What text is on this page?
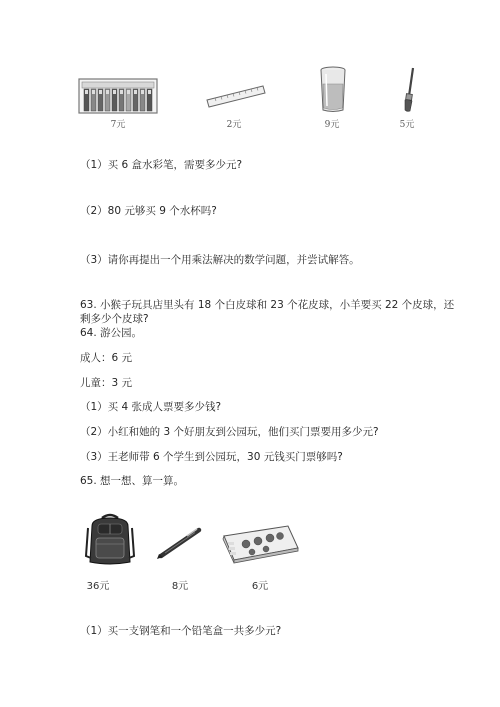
7元	2元	9元	5元
（1）买 6 盒水彩笔，需要多少元?
（2）80 元够买 9 个水杯吗?
（3）请你再提出一个用乘法解决的数学问题，并尝试解答。
63. 小猴子玩具店里头有 18 个白皮球和 23 个花皮球，小羊要买 22 个皮球，还
剩多少个皮球?
64. 游公园。
成人：6 元
儿童：3 元
（1）买 4 张成人票要多少钱?
（2）小红和她的 3 个好朋友到公园玩，他们买门票要用多少元?
（3）王老师带 6 个学生到公园玩，30 元钱买门票够吗?
65. 想一想、算一算。
36元	8元	6元
（1）买一支钢笔和一个铅笔盒一共多少元?
